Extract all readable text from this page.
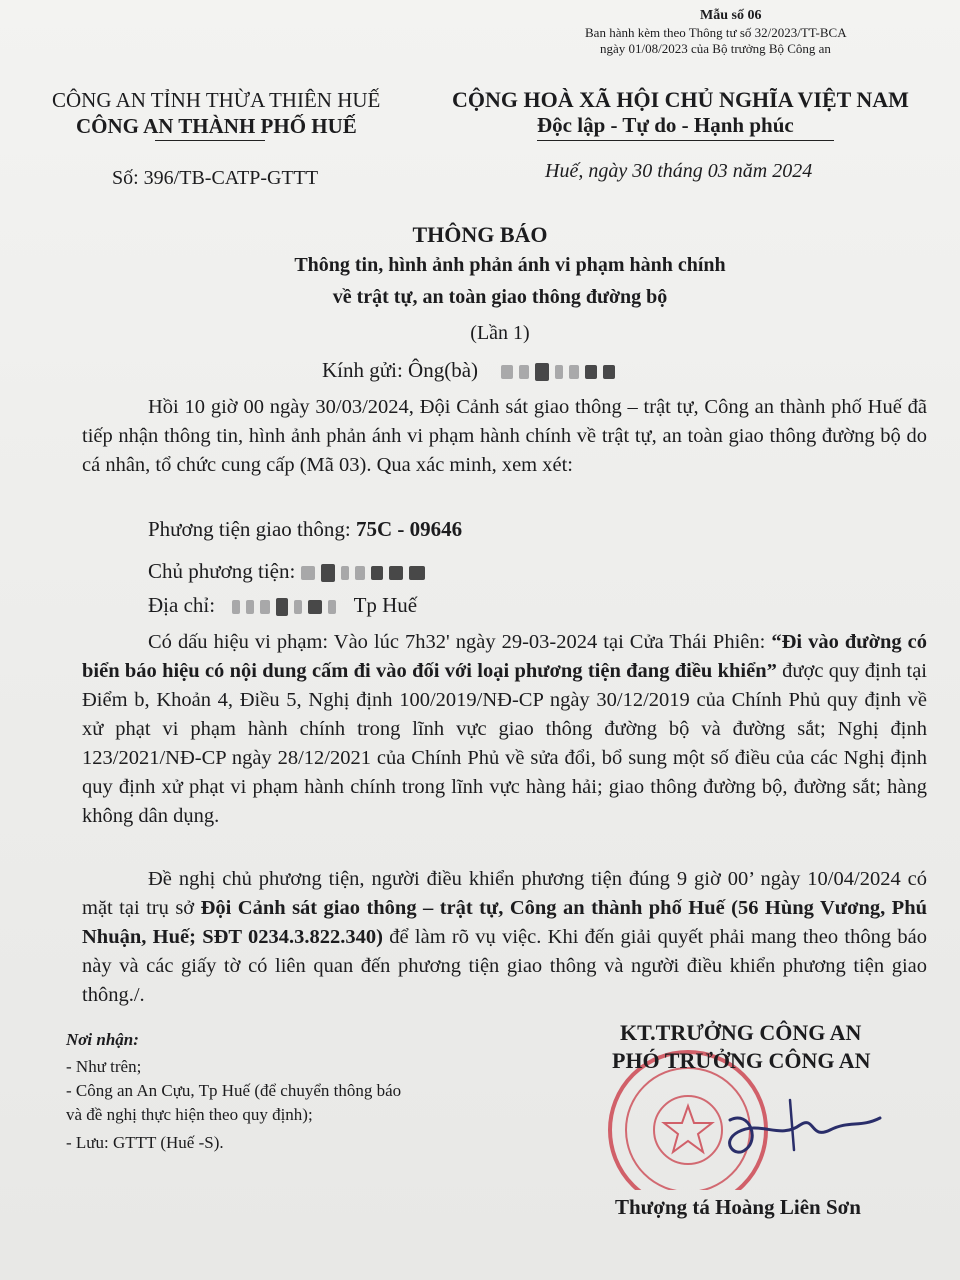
Mẫu số 06
Ban hành kèm theo Thông tư số 32/2023/TT-BCA
ngày 01/08/2023 của Bộ trưởng Bộ Công an
CÔNG AN TỈNH THỪA THIÊN HUẾ
CÔNG AN THÀNH PHỐ HUẾ
Số: 396/TB-CATP-GTTT
CỘNG HOÀ XÃ HỘI CHỦ NGHĨA VIỆT NAM
Độc lập - Tự do - Hạnh phúc
Huế, ngày 30 tháng 03 năm 2024
THÔNG BÁO
Thông tin, hình ảnh phản ánh vi phạm hành chính
về trật tự, an toàn giao thông đường bộ
(Lần 1)
Kính gửi: Ông(bà)
Hồi 10 giờ 00 ngày 30/03/2024, Đội Cảnh sát giao thông – trật tự, Công an thành phố Huế đã tiếp nhận thông tin, hình ảnh phản ánh vi phạm hành chính về trật tự, an toàn giao thông đường bộ do cá nhân, tổ chức cung cấp (Mã 03). Qua xác minh, xem xét:
Phương tiện giao thông: 75C - 09646
Chủ phương tiện:
Địa chỉ:	Tp Huế
Có dấu hiệu vi phạm: Vào lúc 7h32' ngày 29-03-2024 tại Cửa Thái Phiên: “Đi vào đường có biển báo hiệu có nội dung cấm đi vào đối với loại phương tiện đang điều khiển” được quy định tại Điểm b, Khoản 4, Điều 5, Nghị định 100/2019/NĐ-CP ngày 30/12/2019 của Chính Phủ quy định về xử phạt vi phạm hành chính trong lĩnh vực giao thông đường bộ và đường sắt; Nghị định 123/2021/NĐ-CP ngày 28/12/2021 của Chính Phủ về sửa đổi, bổ sung một số điều của các Nghị định quy định xử phạt vi phạm hành chính trong lĩnh vực hàng hải; giao thông đường bộ, đường sắt; hàng không dân dụng.
Đề nghị chủ phương tiện, người điều khiển phương tiện đúng 9 giờ 00’ ngày 10/04/2024 có mặt tại trụ sở Đội Cảnh sát giao thông – trật tự, Công an thành phố Huế (56 Hùng Vương, Phú Nhuận, Huế; SĐT 0234.3.822.340) để làm rõ vụ việc. Khi đến giải quyết phải mang theo thông báo này và các giấy tờ có liên quan đến phương tiện giao thông và người điều khiển phương tiện giao thông./.
Nơi nhận:
- Như trên;
- Công an An Cựu, Tp Huế (để chuyển thông báo
và đề nghị thực hiện theo quy định);
- Lưu: GTTT (Huế -S).
KT.TRƯỞNG CÔNG AN
PHÓ TRƯỞNG CÔNG AN
Thượng tá Hoàng Liên Sơn
